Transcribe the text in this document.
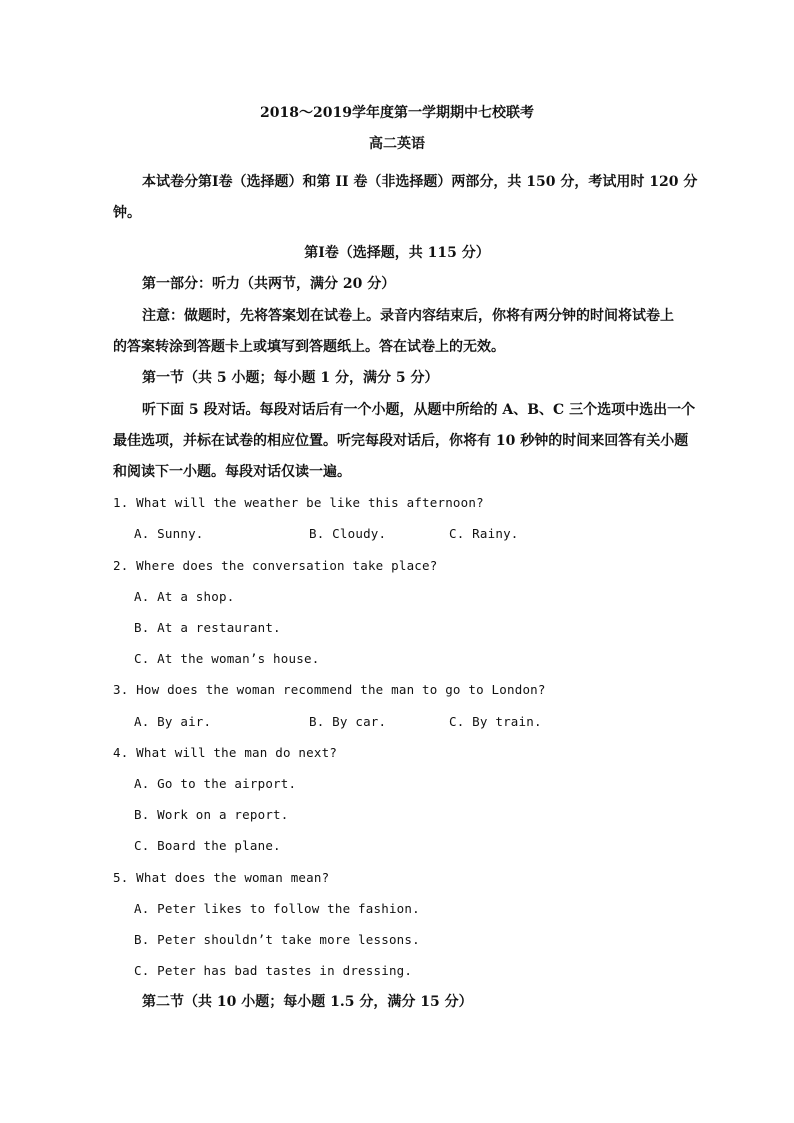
2018～2019学年度第一学期期中七校联考
高二英语
本试卷分第Ⅰ卷（选择题）和第 II 卷（非选择题）两部分，共 150 分，考试用时 120 分
钟。
第Ⅰ卷（选择题，共 115 分）
第一部分：听力（共两节，满分 20 分）
注意：做题时，先将答案划在试卷上。录音内容结束后，你将有两分钟的时间将试卷上
的答案转涂到答题卡上或填写到答题纸上。答在试卷上的无效。
第一节（共 5 小题；每小题 1 分，满分 5 分）
听下面 5 段对话。每段对话后有一个小题，从题中所给的 A、B、C 三个选项中选出一个
最佳选项，并标在试卷的相应位置。听完每段对话后，你将有 10 秒钟的时间来回答有关小题
和阅读下一小题。每段对话仅读一遍。
1. What will the weather be like this afternoon?
A. Sunny.	B. Cloudy.	C. Rainy.
2. Where does the conversation take place?
A. At a shop.
B. At a restaurant.
C. At the woman’s house.
3. How does the woman recommend the man to go to London?
A. By air.	B. By car.	C. By train.
4. What will the man do next?
A. Go to the airport.
B. Work on a report.
C. Board the plane.
5. What does the woman mean?
A. Peter likes to follow the fashion.
B. Peter shouldn’t take more lessons.
C. Peter has bad tastes in dressing.
第二节（共 10 小题；每小题 1.5 分，满分 15 分）
